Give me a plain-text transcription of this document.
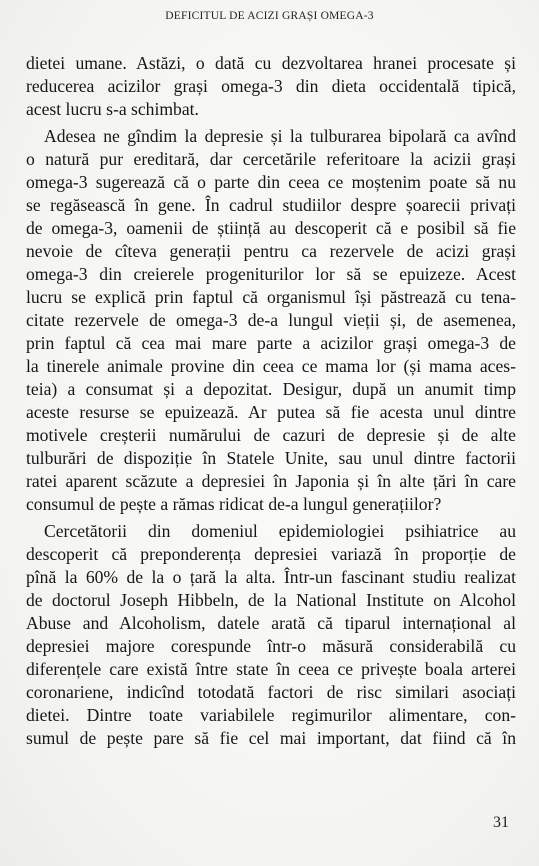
DEFICITUL DE ACIZI GRAȘI OMEGA-3

dietei umane. Astăzi, o dată cu dezvoltarea hranei procesate și
reducerea acizilor grași omega-3 din dieta occidentală tipică,
acest lucru s-a schimbat.

Adesea ne gîndim la depresie și la tulburarea bipolară ca avînd
o natură pur ereditară, dar cercetările referitoare la acizii grași
omega-3 sugerează că o parte din ceea ce moștenim poate să nu
se regăsească în gene. În cadrul studiilor despre șoarecii privați
de omega-3, oamenii de știință au descoperit că e posibil să fie
nevoie de cîteva generații pentru ca rezervele de acizi grași
omega-3 din creierele progeniturilor lor să se epuizeze. Acest
lucru se explică prin faptul că organismul își păstrează cu tena-
citate rezervele de omega-3 de-a lungul vieții și, de asemenea,
prin faptul că cea mai mare parte a acizilor grași omega-3 de
la tinerele animale provine din ceea ce mama lor (și mama aces-
teia) a consumat și a depozitat. Desigur, după un anumit timp
aceste resurse se epuizează. Ar putea să fie acesta unul dintre
motivele creșterii numărului de cazuri de depresie și de alte
tulburări de dispoziție în Statele Unite, sau unul dintre factorii
ratei aparent scăzute a depresiei în Japonia și în alte țări în care
consumul de pește a rămas ridicat de-a lungul generațiilor?

Cercetătorii din domeniul epidemiologiei psihiatrice au
descoperit că preponderența depresiei variază în proporție de
pînă la 60% de la o țară la alta. Într-un fascinant studiu realizat
de doctorul Joseph Hibbeln, de la National Institute on Alcohol
Abuse and Alcoholism, datele arată că tiparul internațional al
depresiei majore corespunde într-o măsură considerabilă cu
diferențele care există între state în ceea ce privește boala arterei
coronariene, indicînd totodată factori de risc similari asociați
dietei. Dintre toate variabilele regimurilor alimentare, con-
sumul de pește pare să fie cel mai important, dat fiind că în

31
